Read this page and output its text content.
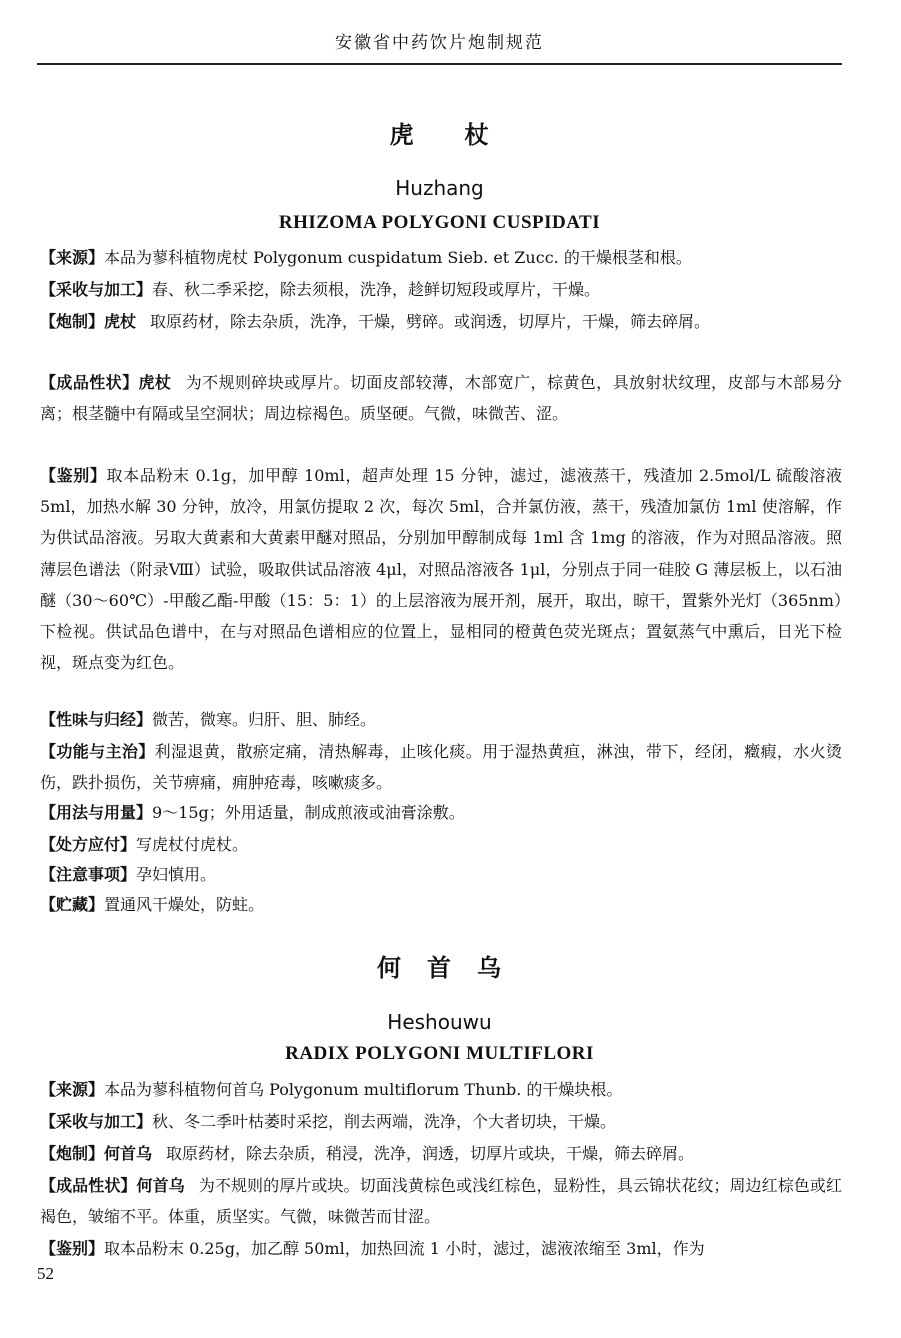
安徽省中药饮片炮制规范
虎　　杖
Huzhang
RHIZOMA POLYGONI CUSPIDATI
【来源】本品为蓼科植物虎杖 Polygonum cuspidatum Sieb. et Zucc. 的干燥根茎和根。
【采收与加工】春、秋二季采挖，除去须根，洗净，趁鲜切短段或厚片，干燥。
【炮制】虎杖 取原药材，除去杂质，洗净，干燥，劈碎。或润透，切厚片，干燥，筛去碎屑。
【成品性状】虎杖 为不规则碎块或厚片。切面皮部较薄，木部宽广，棕黄色，具放射状纹理，皮部与木部易分离；根茎髓中有隔或呈空洞状；周边棕褐色。质坚硬。气微，味微苦、涩。
【鉴别】取本品粉末 0.1g，加甲醇 10ml，超声处理 15 分钟，滤过，滤液蒸干，残渣加 2.5mol/L 硫酸溶液 5ml，加热水解 30 分钟，放冷，用氯仿提取 2 次，每次 5ml，合并氯仿液，蒸干，残渣加氯仿 1ml 使溶解，作为供试品溶液。另取大黄素和大黄素甲醚对照品，分别加甲醇制成每 1ml 含 1mg 的溶液，作为对照品溶液。照薄层色谱法（附录Ⅷ）试验，吸取供试品溶液 4μl，对照品溶液各 1μl，分别点于同一硅胶 G 薄层板上，以石油醚（30～60℃）-甲酸乙酯-甲酸（15：5：1）的上层溶液为展开剂，展开，取出，晾干，置紫外光灯（365nm）下检视。供试品色谱中，在与对照品色谱相应的位置上，显相同的橙黄色荧光斑点；置氨蒸气中熏后，日光下检视，斑点变为红色。
【性味与归经】微苦，微寒。归肝、胆、肺经。
【功能与主治】利湿退黄，散瘀定痛，清热解毒，止咳化痰。用于湿热黄疸，淋浊，带下，经闭，癥瘕，水火烫伤，跌扑损伤，关节痹痛，痈肿疮毒，咳嗽痰多。
【用法与用量】9～15g；外用适量，制成煎液或油膏涂敷。
【处方应付】写虎杖付虎杖。
【注意事项】孕妇慎用。
【贮藏】置通风干燥处，防蛀。
何　首　乌
Heshouwu
RADIX POLYGONI MULTIFLORI
【来源】本品为蓼科植物何首乌 Polygonum multiflorum Thunb. 的干燥块根。
【采收与加工】秋、冬二季叶枯萎时采挖，削去两端，洗净，个大者切块，干燥。
【炮制】何首乌 取原药材，除去杂质，稍浸，洗净，润透，切厚片或块，干燥，筛去碎屑。
【成品性状】何首乌 为不规则的厚片或块。切面浅黄棕色或浅红棕色，显粉性，具云锦状花纹；周边红棕色或红褐色，皱缩不平。体重，质坚实。气微，味微苦而甘涩。
【鉴别】取本品粉末 0.25g，加乙醇 50ml，加热回流 1 小时，滤过，滤液浓缩至 3ml，作为
52
